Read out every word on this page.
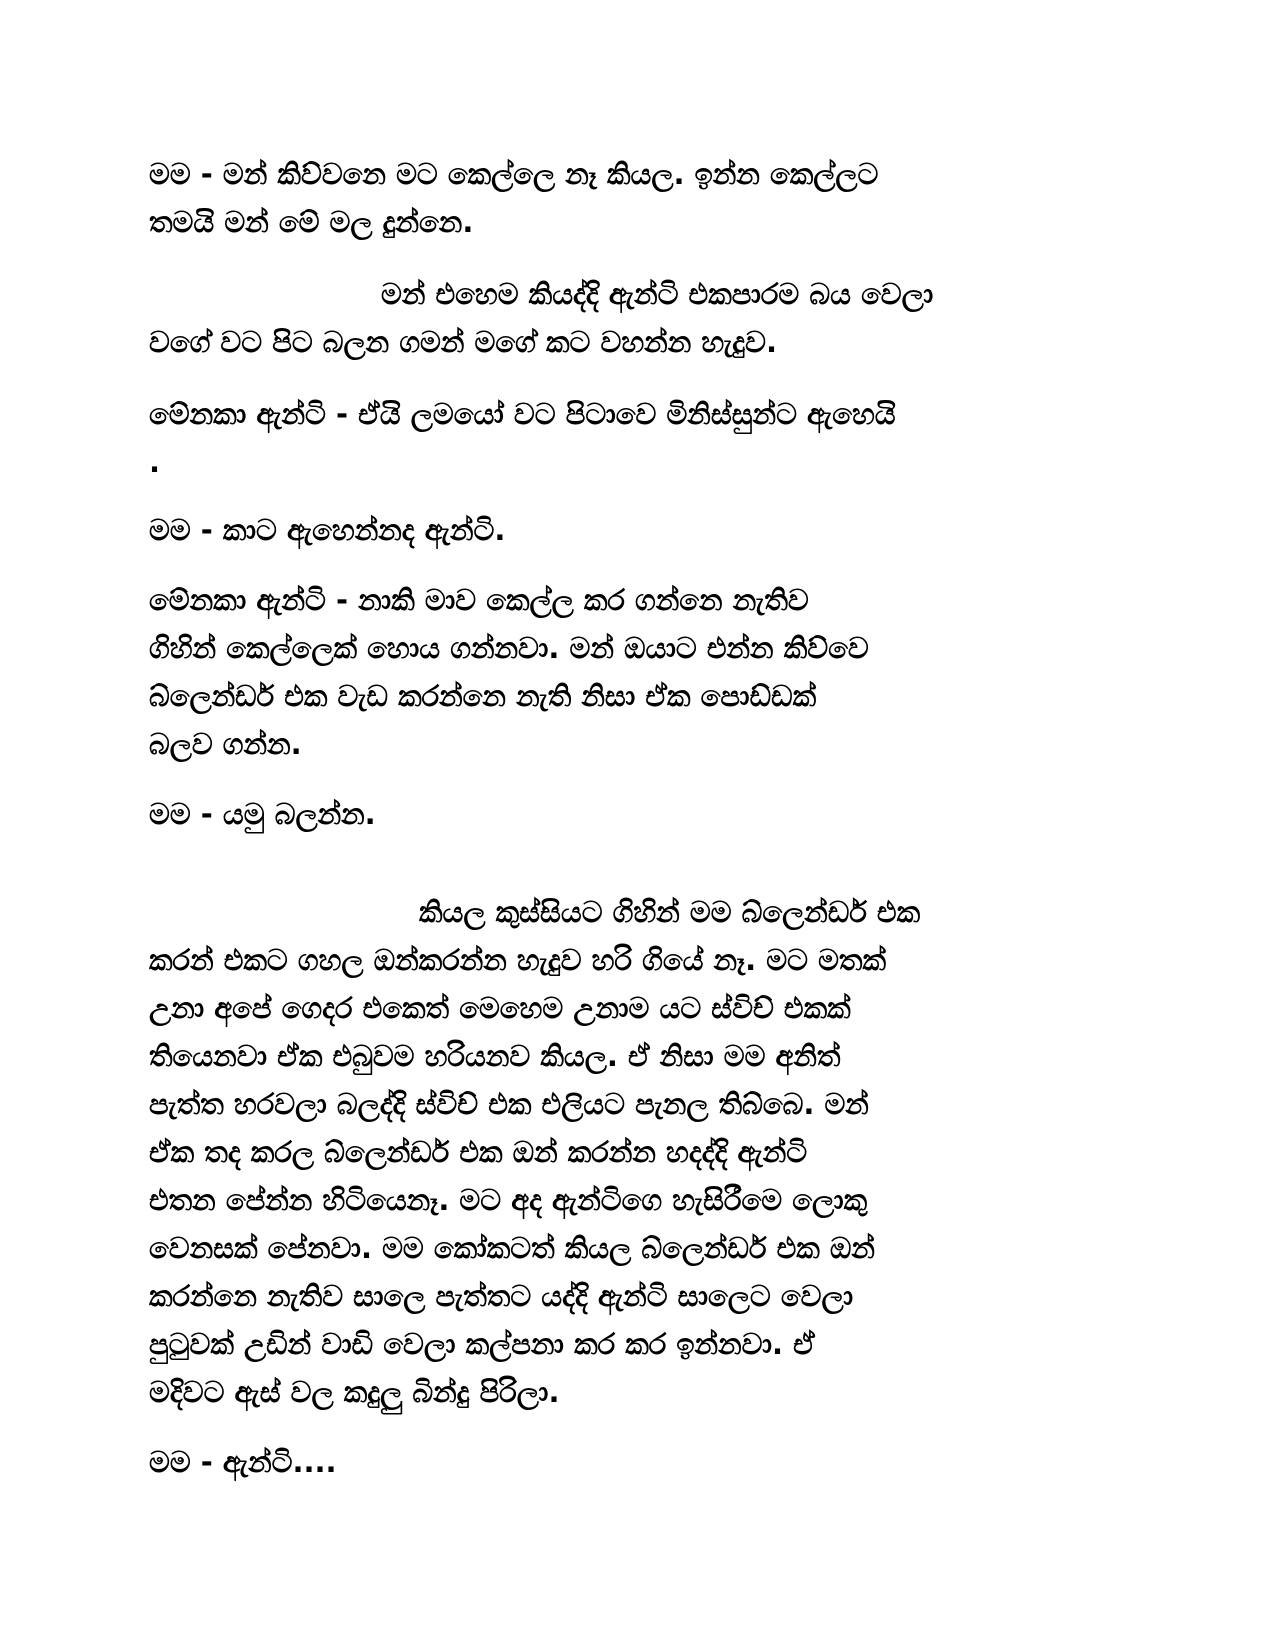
මම - මන් කිව්වනෙ මට කෙල්ලෙ නෑ කියල. ඉන්න කෙල්ලට
තමයි මන් මේ මල දුන්නෙ.

මන් එහෙම කියද්දි ඇන්ටි එකපාරම බය වෙලා
වගේ වට පිට බලන ගමන් මගේ කට වහන්න හැදුව.

මේනකා ඇන්ටි - ඒයි ලමයෝ වට පිටාවෙ මිනිස්සුන්ට ඇහෙයි
.

මම - කාට ඇහෙන්නද ඇන්ටි.

මේනකා ඇන්ටි - නාකි මාව කෙල්ල කර ගන්නෙ නැතිව
ගිහින් කෙල්ලෙක් හොය ගන්නවා. මන් ඔයාට එන්න කිව්වෙ
බ්ලෙන්ඩර් එක වැඩ කරන්නෙ නැති නිසා ඒක පොඩ්ඩක්
බලව ගන්න.

මම - යමු බලන්න.

කියල කුස්සියට ගිහින් මම බ්ලෙන්ඩර් එක
කරන් එකට ගහල ඔන්කරන්න හැදුව හරි ගියේ නෑ. මට මතක්
උනා අපේ ගෙදර එකෙත් මෙහෙම උනාම යට ස්විච් එකක්
තියෙනවා ඒක එබුවම හරියනව කියල. ඒ නිසා මම අනිත්
පැත්ත හරවලා බලද්දි ස්විච් එක එලියට පැනල තිබ්බෙ. මන්
ඒක තද කරල බ්ලෙන්ඩර් එක ඔන් කරන්න හදද්දි ඇන්ටි
එතන පේන්න හිටියෙනෑ. මට අද ඇන්ටිගෙ හැසිරීමෙ ලොකු
වෙනසක් පේනවා. මම කෝකටත් කියල බ්ලෙන්ඩර් එක ඔන්
කරන්නෙ නැතිව සාලෙ පැත්තට යද්දි ඇන්ටි සාලෙට වෙලා
පුටුවක් උඩින් වාඩි වෙලා කල්පනා කර කර ඉන්නවා. ඒ
මදිවට ඇස් වල කදුලු බින්දු පිරිලා.

මම - ඇන්ටි....
